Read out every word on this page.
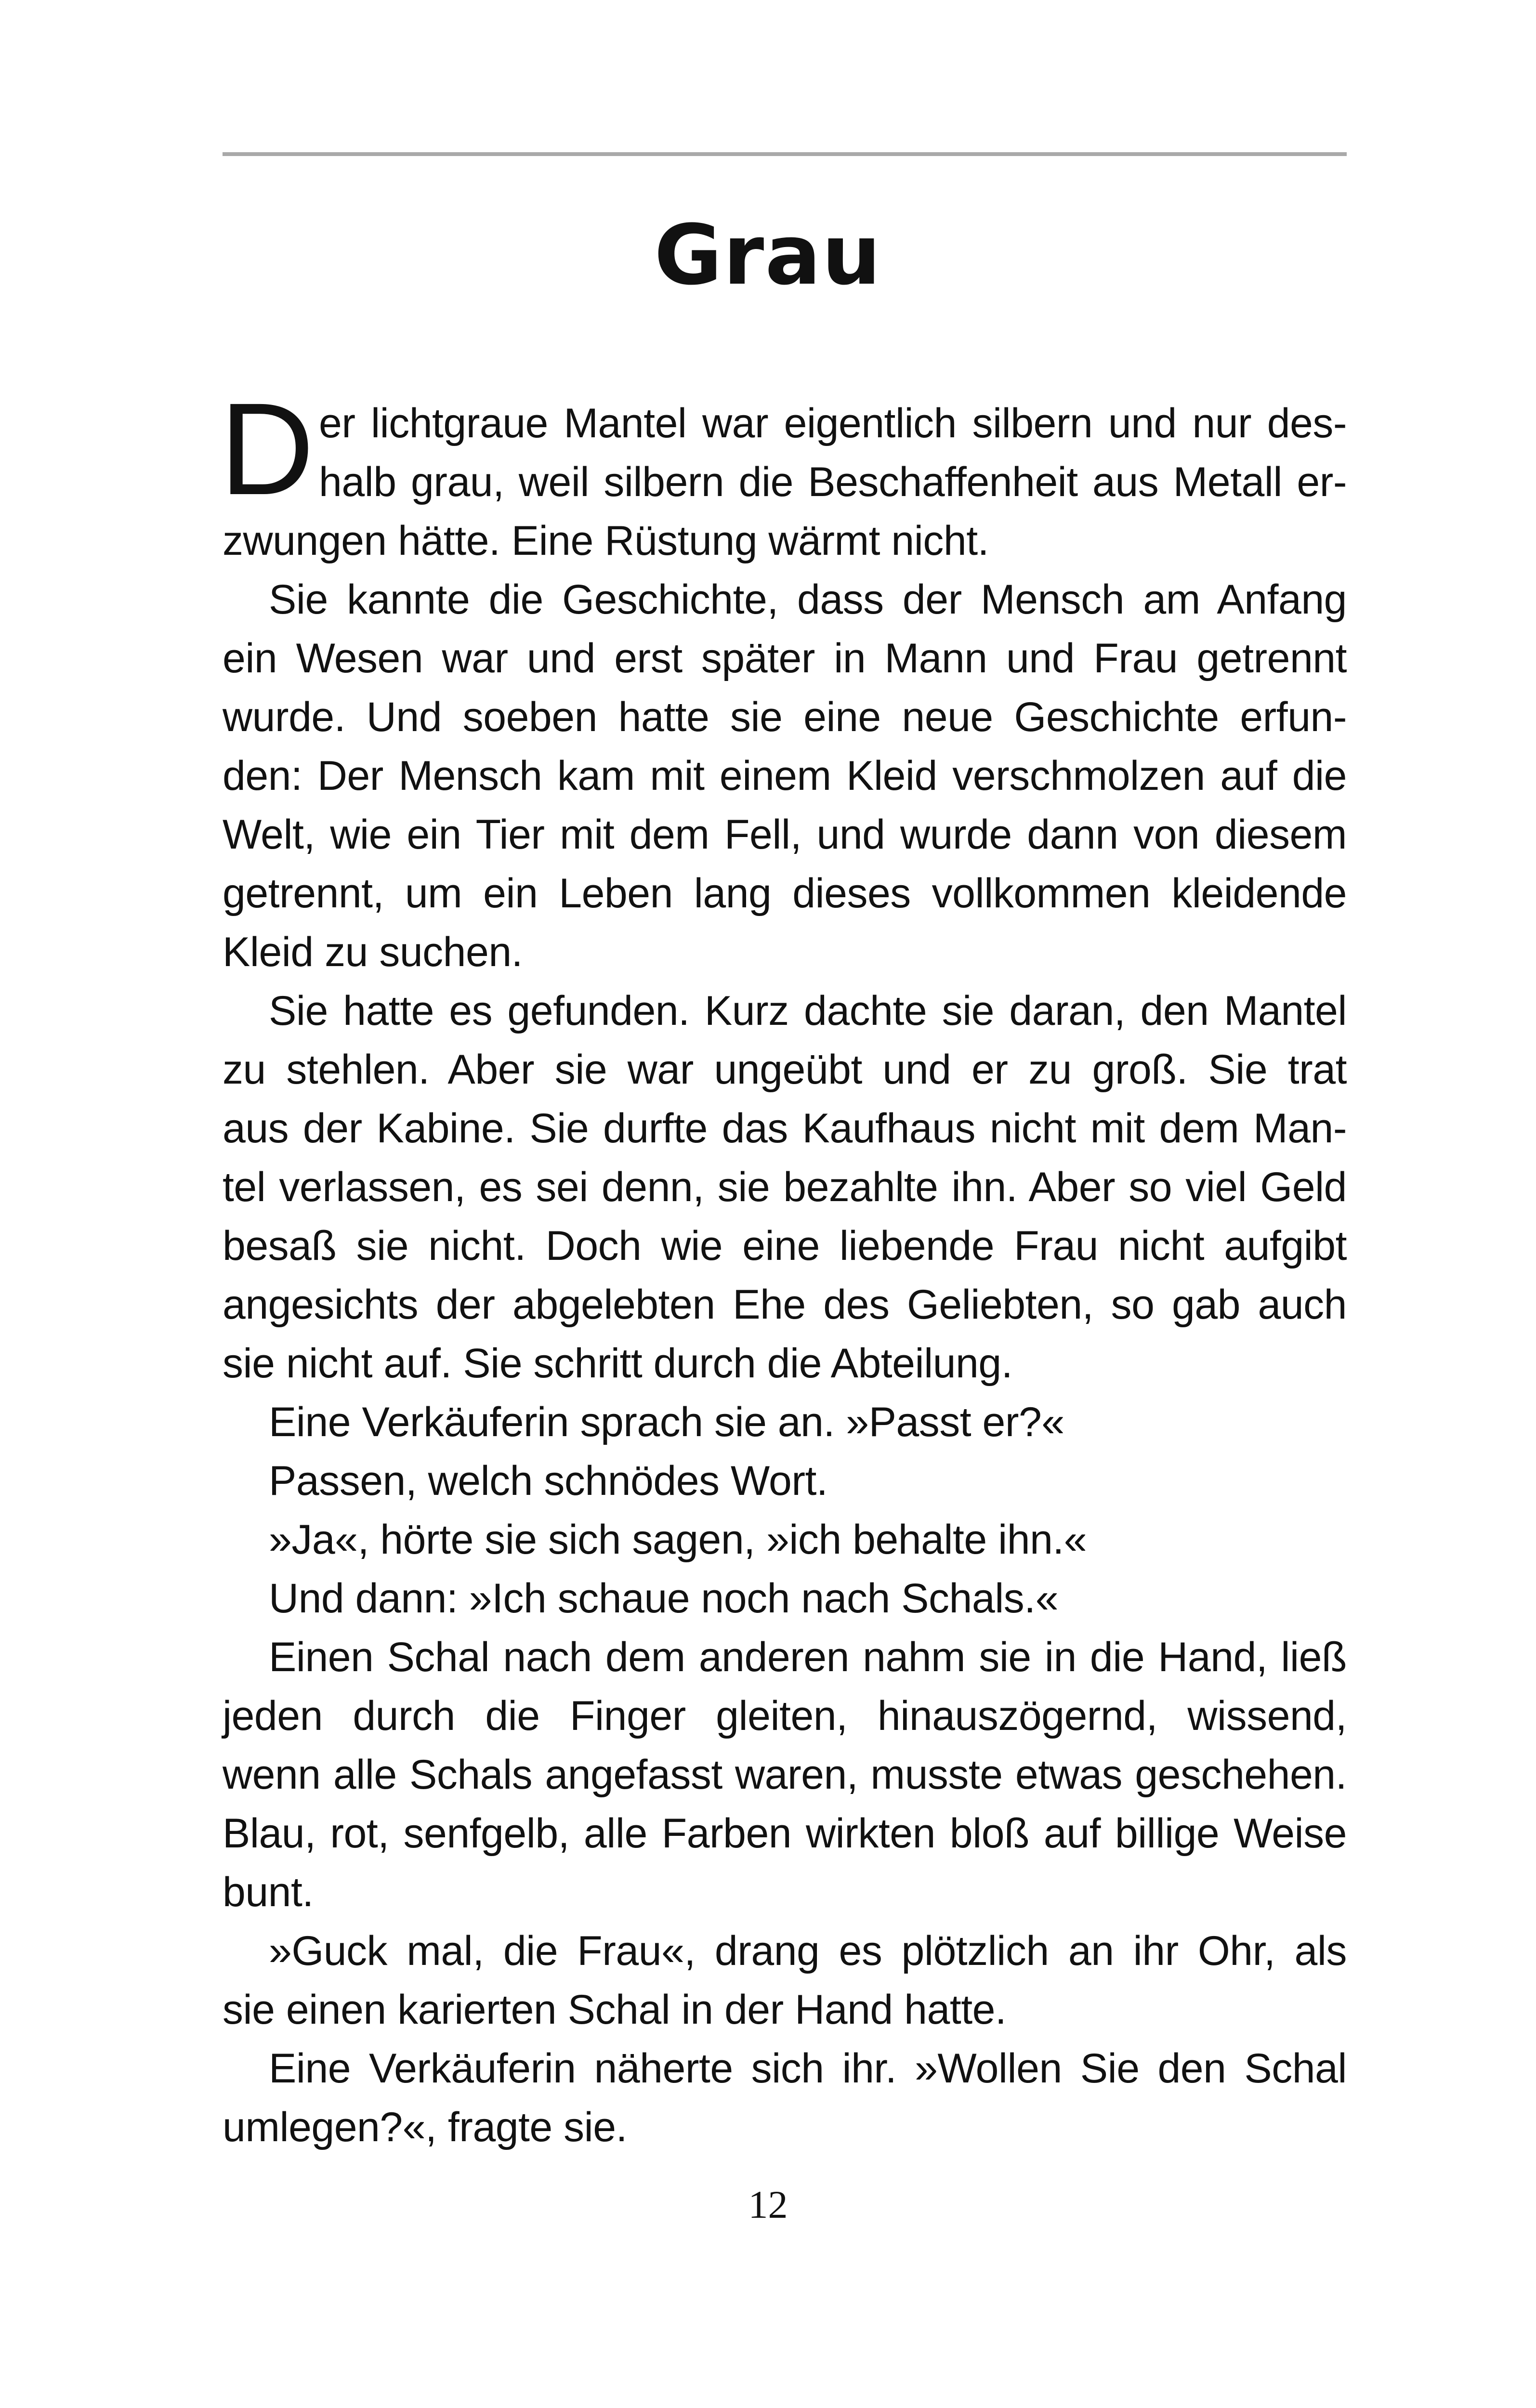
Grau
D er lichtgraue Mantel war eigentlich silbern und nur des-
halb grau, weil silbern die Beschaffenheit aus Metall er-
zwungen hätte. Eine Rüstung wärmt nicht.
Sie kannte die Geschichte, dass der Mensch am Anfang
ein Wesen war und erst später in Mann und Frau getrennt
wurde. Und soeben hatte sie eine neue Geschichte erfun-
den: Der Mensch kam mit einem Kleid verschmolzen auf die
Welt, wie ein Tier mit dem Fell, und wurde dann von diesem
getrennt, um ein Leben lang dieses vollkommen kleidende
Kleid zu suchen.
Sie hatte es gefunden. Kurz dachte sie daran, den Mantel
zu stehlen. Aber sie war ungeübt und er zu groß. Sie trat
aus der Kabine. Sie durfte das Kaufhaus nicht mit dem Man-
tel verlassen, es sei denn, sie bezahlte ihn. Aber so viel Geld
besaß sie nicht. Doch wie eine liebende Frau nicht aufgibt
angesichts der abgelebten Ehe des Geliebten, so gab auch
sie nicht auf. Sie schritt durch die Abteilung.
Eine Verkäuferin sprach sie an. »Passt er?«
Passen, welch schnödes Wort.
»Ja«, hörte sie sich sagen, »ich behalte ihn.«
Und dann: »Ich schaue noch nach Schals.«
Einen Schal nach dem anderen nahm sie in die Hand, ließ
jeden durch die Finger gleiten, hinauszögernd, wissend,
wenn alle Schals angefasst waren, musste etwas geschehen.
Blau, rot, senfgelb, alle Farben wirkten bloß auf billige Weise
bunt.
»Guck mal, die Frau«, drang es plötzlich an ihr Ohr, als
sie einen karierten Schal in der Hand hatte.
Eine Verkäuferin näherte sich ihr. »Wollen Sie den Schal
umlegen?«, fragte sie.
12
